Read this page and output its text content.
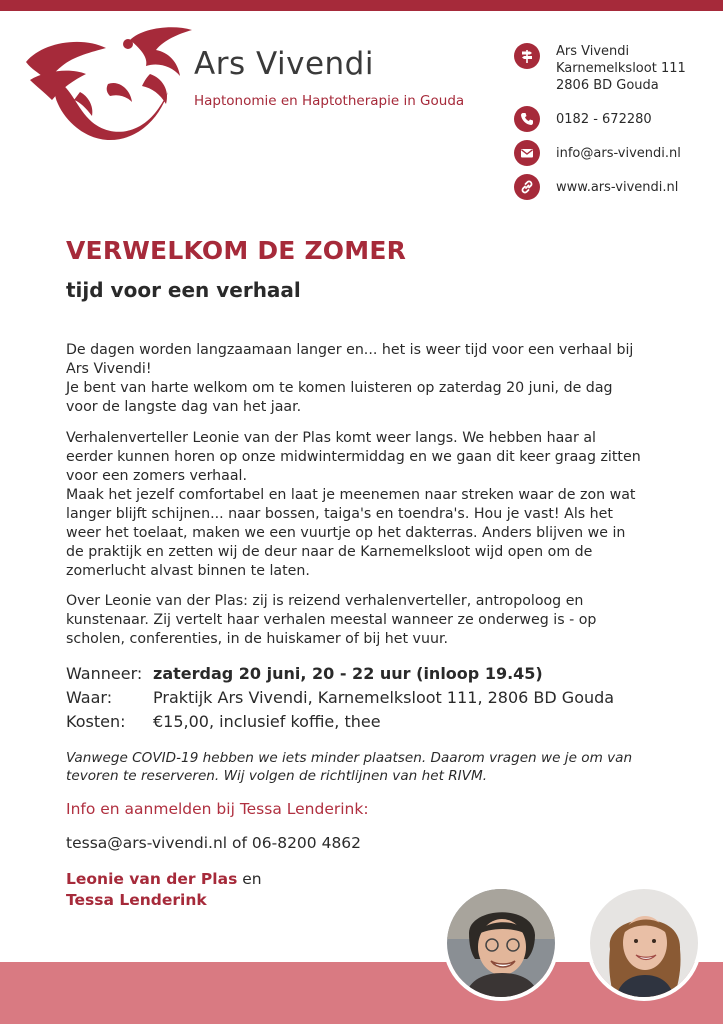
Ars Vivendi
Haptonomie en Haptotherapie in Gouda
Ars Vivendi
Karnemelksloot 111
2806 BD Gouda
0182 - 672280
info@ars-vivendi.nl
www.ars-vivendi.nl
VERWELKOM DE ZOMER
tijd voor een verhaal

De dagen worden langzaamaan langer en... het is weer tijd voor een verhaal bij Ars Vivendi!

Je bent van harte welkom om te komen luisteren op zaterdag 20 juni, de dag voor de langste dag van het jaar.

Verhalenverteller Leonie van der Plas komt weer langs. We hebben haar al eerder kunnen horen op onze midwintermiddag en we gaan dit keer graag zitten voor een zomers verhaal.

Maak het jezelf comfortabel en laat je meenemen naar streken waar de zon wat langer blijft schijnen... naar bossen, taiga's en toendra's. Hou je vast! Als het weer het toelaat, maken we een vuurtje op het dakterras. Anders blijven we in de praktijk en zetten wij de deur naar de Karnemelksloot wijd open om de zomerlucht alvast binnen te laten.

Over Leonie van der Plas: zij is reizend verhalenverteller, antropoloog en kunstenaar. Zij vertelt haar verhalen meestal wanneer ze onderweg is - op scholen, conferenties, in de huiskamer of bij het vuur.

Wanneer: zaterdag 20 juni, 20 - 22 uur (inloop 19.45)
Waar:	Praktijk Ars Vivendi, Karnemelksloot 111, 2806 BD Gouda
Kosten: €15,00, inclusief koffie, thee
Vanwege COVID-19 hebben we iets minder plaatsen. Daarom vragen we je om van tevoren te reserveren. Wij volgen de richtlijnen van het RIVM.
Info en aanmelden bij Tessa Lenderink:
tessa@ars-vivendi.nl of 06-8200 4862
Leonie van der Plas en
Tessa Lenderink
